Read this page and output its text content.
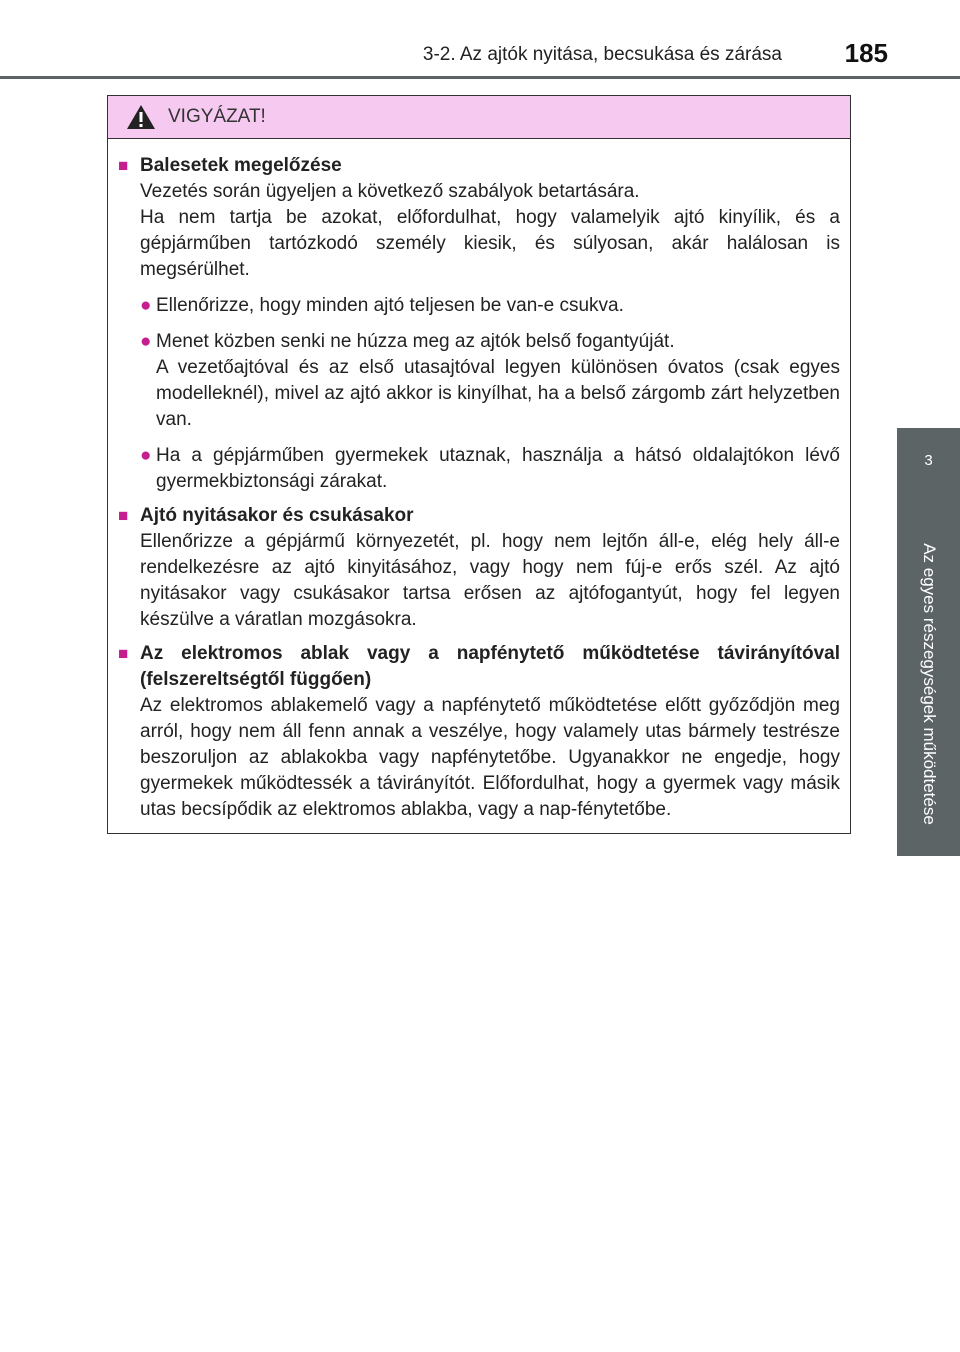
3-2. Az ajtók nyitása, becsukása és zárása 185
3
Az egyes részegységek működtetése
VIGYÁZAT!
■ Balesetek megelőzése
Vezetés során ügyeljen a következő szabályok betartására.
Ha nem tartja be azokat, előfordulhat, hogy valamelyik ajtó kinyílik, és a gépjárműben tartózkodó személy kiesik, és súlyosan, akár halálosan is megsérülhet.
● Ellenőrizze, hogy minden ajtó teljesen be van-e csukva.
● Menet közben senki ne húzza meg az ajtók belső fogantyúját.
A vezetőajtóval és az első utasajtóval legyen különösen óvatos (csak egyes modelleknél), mivel az ajtó akkor is kinyílhat, ha a belső zárgomb zárt helyzetben van.
● Ha a gépjárműben gyermekek utaznak, használja a hátsó oldalajtókon lévő gyermekbiztonsági zárakat.
■ Ajtó nyitásakor és csukásakor
Ellenőrizze a gépjármű környezetét, pl. hogy nem lejtőn áll-e, elég hely áll-e rendelkezésre az ajtó kinyitásához, vagy hogy nem fúj-e erős szél. Az ajtó nyitásakor vagy csukásakor tartsa erősen az ajtófogantyút, hogy fel legyen készülve a váratlan mozgásokra.
■ Az elektromos ablak vagy a napfénytető működtetése távirányítóval (felszereltségtől függően)
Az elektromos ablakemelő vagy a napfénytető működtetése előtt győződjön meg arról, hogy nem áll fenn annak a veszélye, hogy valamely utas bármely testrésze beszoruljon az ablakokba vagy napfénytetőbe. Ugyanakkor ne engedje, hogy gyermekek működtessék a távirányítót. Előfordulhat, hogy a gyermek vagy másik utas becsípődik az elektromos ablakba, vagy a nap-fénytetőbe.
